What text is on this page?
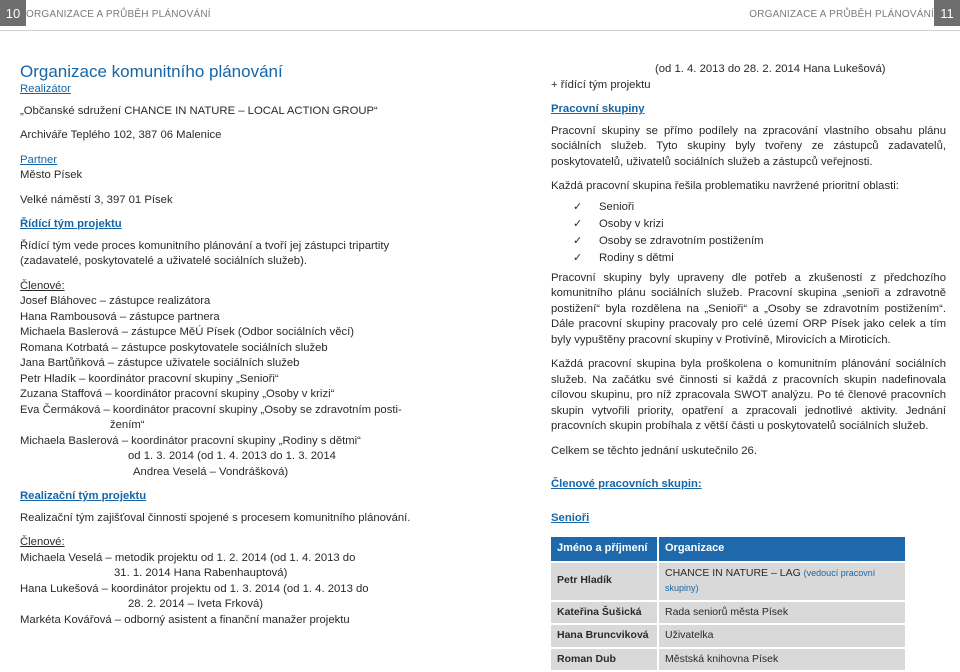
10 ORGANIZACE A PRŮBĚH PLÁNOVÁNÍ	ORGANIZACE A PRŮBĚH PLÁNOVÁNÍ 11

Organizace komunitního plánování

Realizátor

„Občanské sdružení CHANCE IN NATURE – LOCAL ACTION GROUP“

Archiváře Teplého 102, 387 06 Malenice

Partner

Město Písek

Velké náměstí 3, 397 01 Písek

Řídící tým projektu

Řídící tým vede proces komunitního plánování a tvoří jej zástupci tripartity (zadavatelé, poskytovatelé a uživatelé sociálních služeb).

Členové:

Josef Bláhovec – zástupce realizátora

Hana Rambousová – zástupce partnera

Michaela Baslerová – zástupce MěÚ Písek (Odbor sociálních věcí)

Romana Kotrbatá – zástupce poskytovatele sociálních služeb

Jana Bartůňková – zástupce uživatele sociálních služeb

Petr Hladík – koordinátor pracovní skupiny „Senioři“

Zuzana Staffová – koordinátor pracovní skupiny „Osoby v krizi“

Eva Čermáková – koordinátor pracovní skupiny „Osoby se zdravotním posti-

žením“

Michaela Baslerová – koordinátor pracovní skupiny „Rodiny s dětmi“

od 1. 3. 2014 (od 1. 4. 2013 do 1. 3. 2014

Andrea Veselá – Vondrášková)

Realizační tým projektu

Realizační tým zajišťoval činnosti spojené s procesem komunitního plánování.

Členové:

Michaela Veselá – metodik projektu od 1. 2. 2014 (od 1. 4. 2013 do

31. 1. 2014 Hana Rabenhauptová)

Hana Lukešová – koordinátor projektu od 1. 3. 2014 (od 1. 4. 2013 do

28. 2. 2014 – Iveta Frková)

Markéta Kovářová – odborný asistent a finanční manažer projektu

(od 1. 4. 2013 do 28. 2. 2014 Hana Lukešová)

+ řídící tým projektu

Pracovní skupiny

Pracovní skupiny se přímo podílely na zpracování vlastního obsahu plánu sociálních služeb. Tyto skupiny byly tvořeny ze zástupců zadavatelů, poskytovatelů, uživatelů sociálních služeb a zástupců veřejnosti.

Každá pracovní skupina řešila problematiku navržené prioritní oblasti:

✓ Senioři
✓ Osoby v krizi
✓ Osoby se zdravotním postižením
✓ Rodiny s dětmi

Pracovní skupiny byly upraveny dle potřeb a zkušeností z předchozího komunitního plánu sociálních služeb. Pracovní skupina „senioři a zdravotně postižení“ byla rozdělena na „Senioři“ a „Osoby se zdravotním postižením“. Dále pracovní skupiny pracovaly pro celé území ORP Písek jako celek a tím byly vypuštěny pracovní skupiny v Protivíně, Mirovicích a Miroticích.

Každá pracovní skupina byla proškolena o komunitním plánování sociálních služeb. Na začátku své činnosti si každá z pracovních skupin nadefinovala cílovou skupinu, pro níž zpracovala SWOT analýzu. Po té členové pracovních skupin vytvořili priority, opatření a zpracovali jednotlivé aktivity. Jednání pracovních skupin probíhala z větší části u poskytovatelů sociálních služeb.

Celkem se těchto jednání uskutečnilo 26.

Členové pracovních skupin:

Senioři

Jméno a příjmení	Organizace
Petr Hladík	CHANCE IN NATURE – LAG (vedoucí pracovní skupiny)
Kateřina Šušická	Rada seniorů města Písek
Hana Bruncviková	Uživatelka
Roman Dub	Městská knihovna Písek
